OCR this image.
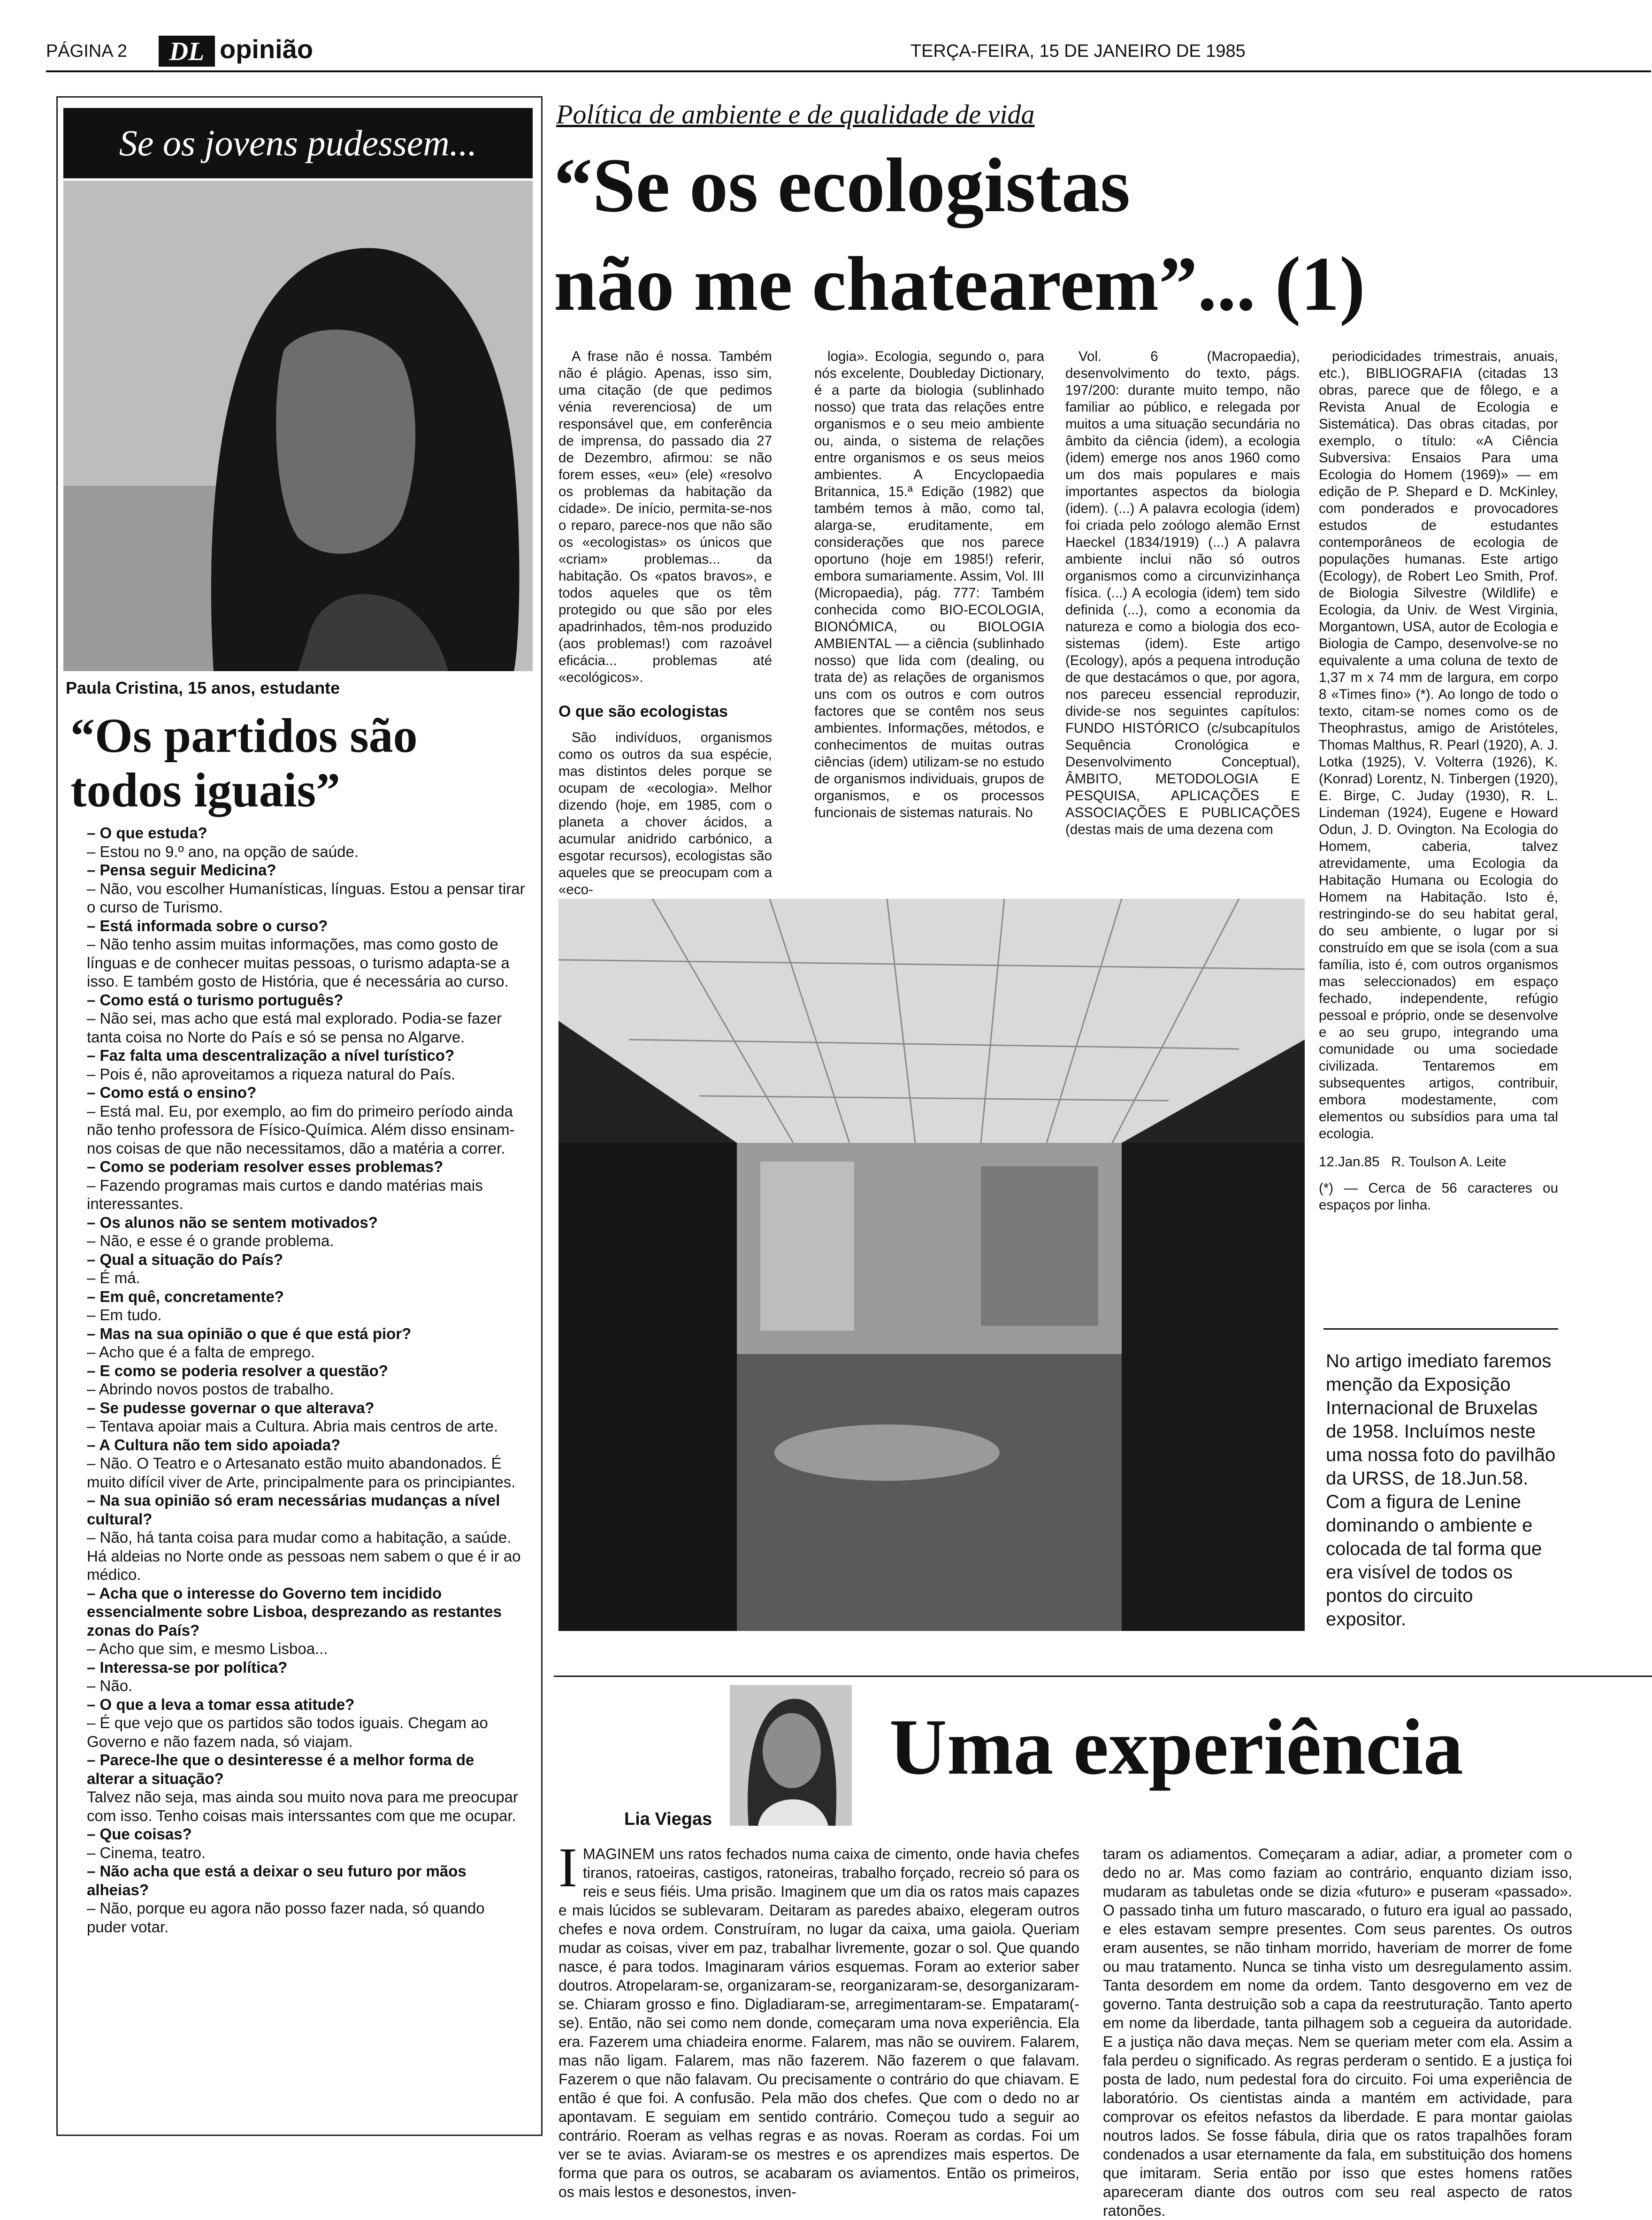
PÁGINA 2 DL opinião	TERÇA-FEIRA, 15 DE JANEIRO DE 1985
Se os jovens pudessem...
Paula Cristina, 15 anos, estudante
“Os partidos são todos iguais”

– O que estuda?

– Estou no 9.º ano, na opção de saúde.

– Pensa seguir Medicina?

– Não, vou escolher Humanísticas, línguas. Estou a pensar tirar o curso de Turismo.

– Está informada sobre o curso?

– Não tenho assim muitas informações, mas como gosto de línguas e de conhecer muitas pessoas, o turismo adapta-se a isso. E também gosto de História, que é necessária ao curso.

– Como está o turismo português?

– Não sei, mas acho que está mal explorado. Podia-se fazer tanta coisa no Norte do País e só se pensa no Algarve.

– Faz falta uma descentralização a nível turístico?

– Pois é, não aproveitamos a riqueza natural do País.

– Como está o ensino?

– Está mal. Eu, por exemplo, ao fim do primeiro período ainda não tenho professora de Físico-Química. Além disso ensinam-nos coisas de que não necessitamos, dão a matéria a correr.

– Como se poderiam resolver esses problemas?

– Fazendo programas mais curtos e dando matérias mais interessantes.

– Os alunos não se sentem motivados?

– Não, e esse é o grande problema.

– Qual a situação do País?

– É má.

– Em quê, concretamente?

– Em tudo.

– Mas na sua opinião o que é que está pior?

– Acho que é a falta de emprego.

– E como se poderia resolver a questão?

– Abrindo novos postos de trabalho.

– Se pudesse governar o que alterava?

– Tentava apoiar mais a Cultura. Abria mais centros de arte.

– A Cultura não tem sido apoiada?

– Não. O Teatro e o Artesanato estão muito abandonados. É muito difícil viver de Arte, principalmente para os principiantes.

– Na sua opinião só eram necessárias mudanças a nível cultural?

– Não, há tanta coisa para mudar como a habitação, a saúde. Há aldeias no Norte onde as pessoas nem sabem o que é ir ao médico.

– Acha que o interesse do Governo tem incidido essencialmente sobre Lisboa, desprezando as restantes zonas do País?

– Acho que sim, e mesmo Lisboa...

– Interessa-se por política?

– Não.

– O que a leva a tomar essa atitude?

– É que vejo que os partidos são todos iguais. Chegam ao Governo e não fazem nada, só viajam.

– Parece-lhe que o desinteresse é a melhor forma de alterar a situação?

Talvez não seja, mas ainda sou muito nova para me preocupar com isso. Tenho coisas mais interssantes com que me ocupar.

– Que coisas?

– Cinema, teatro.

– Não acha que está a deixar o seu futuro por mãos alheias?

– Não, porque eu agora não posso fazer nada, só quando puder votar.

Política de ambiente e de qualidade de vida
“Se os ecologistas
não me chatearem”... (1)

A frase não é nossa. Também não é plágio. Apenas, isso sim, uma citação (de que pedimos vénia reverenciosa) de um responsável que, em conferência de imprensa, do passado dia 27 de Dezembro, afirmou: se não forem esses, «eu» (ele) «resolvo os problemas da habitação da cidade». De início, permita-se-nos o reparo, parece-nos que não são os «ecologistas» os únicos que «criam» problemas... da habitação. Os «patos bravos», e todos aqueles que os têm protegido ou que são por eles apadrinhados, têm-nos produzido (aos problemas!) com razoável eficácia... problemas até «ecológicos».

O que são ecologistas

São indivíduos, organismos como os outros da sua espécie, mas distintos deles porque se ocupam de «ecologia». Melhor dizendo (hoje, em 1985, com o planeta a chover ácidos, a acumular anidrido carbónico, a esgotar recursos), ecologistas são aqueles que se preocupam com a «eco-

logia». Ecologia, segundo o, para nós excelente, Doubleday Dictionary, é a parte da biologia (sublinhado nosso) que trata das relações entre organismos e o seu meio ambiente ou, ainda, o sistema de relações entre organismos e os seus meios ambientes. A Encyclopaedia Britannica, 15.ª Edição (1982) que também temos à mão, como tal, alarga-se, eruditamente, em considerações que nos parece oportuno (hoje em 1985!) referir, embora sumariamente. Assim, Vol. III (Micropaedia), pág. 777: Também conhecida como BIO-ECOLOGIA, BIONÓMICA, ou BIOLOGIA AMBIENTAL — a ciência (sublinhado nosso) que lida com (dealing, ou trata de) as relações de organismos uns com os outros e com outros factores que se contêm nos seus ambientes. Informações, métodos, e conhecimentos de muitas outras ciências (idem) utilizam-se no estudo de organismos individuais, grupos de organismos, e os processos funcionais de sistemas naturais. No

Vol. 6 (Macropaedia), desenvolvimento do texto, págs. 197/200: durante muito tempo, não familiar ao público, e relegada por muitos a uma situação secundária no âmbito da ciência (idem), a ecologia (idem) emerge nos anos 1960 como um dos mais populares e mais importantes aspectos da biologia (idem). (...) A palavra ecologia (idem) foi criada pelo zoólogo alemão Ernst Haeckel (1834/1919) (...) A palavra ambiente inclui não só outros organismos como a circunvizinhança física. (...) A ecologia (idem) tem sido definida (...), como a economia da natureza e como a biologia dos eco-sistemas (idem). Este artigo (Ecology), após a pequena introdução de que destacámos o que, por agora, nos pareceu essencial reproduzir, divide-se nos seguintes capítulos: FUNDO HISTÓRICO (c/subcapítulos Sequência Cronológica e Desenvolvimento Conceptual), ÂMBITO, METODOLOGIA E PESQUISA, APLICAÇÕES E ASSOCIAÇÕES E PUBLICAÇÕES (destas mais de uma dezena com

periodicidades trimestrais, anuais, etc.), BIBLIOGRAFIA (citadas 13 obras, parece que de fôlego, e a Revista Anual de Ecologia e Sistemática). Das obras citadas, por exemplo, o título: «A Ciência Subversiva: Ensaios Para uma Ecologia do Homem (1969)» — em edição de P. Shepard e D. McKinley, com ponderados e provocadores estudos de estudantes contemporâneos de ecologia de populações humanas. Este artigo (Ecology), de Robert Leo Smith, Prof. de Biologia Silvestre (Wildlife) e Ecologia, da Univ. de West Virginia, Morgantown, USA, autor de Ecologia e Biologia de Campo, desenvolve-se no equivalente a uma coluna de texto de 1,37 m x 74 mm de largura, em corpo 8 «Times fino» (*). Ao longo de todo o texto, citam-se nomes como os de Theophrastus, amigo de Aristóteles, Thomas Malthus, R. Pearl (1920), A. J. Lotka (1925), V. Volterra (1926), K. (Konrad) Lorentz, N. Tinbergen (1920), E. Birge, C. Juday (1930), R. L. Lindeman (1924), Eugene e Howard Odun, J. D. Ovington. Na Ecologia do Homem, caberia, talvez atrevidamente, uma Ecologia da Habitação Humana ou Ecologia do Homem na Habitação. Isto é, restringindo-se do seu habitat geral, do seu ambiente, o lugar por si construído em que se isola (com a sua família, isto é, com outros organismos mas seleccionados) em espaço fechado, independente, refúgio pessoal e próprio, onde se desenvolve e ao seu grupo, integrando uma comunidade ou uma sociedade civilizada. Tentaremos em subsequentes artigos, contribuir, embora modestamente, com elementos ou subsídios para uma tal ecologia.

12.Jan.85 R. Toulson A. Leite
(*) — Cerca de 56 caracteres ou espaços por linha.
No artigo imediato faremos menção da Exposição Internacional de Bruxelas de 1958. Incluímos neste uma nossa foto do pavilhão da URSS, de 18.Jun.58. Com a figura de Lenine dominando o ambiente e colocada de tal forma que era visível de todos os pontos do circuito expositor.
Lia Viegas
Uma experiência

IMAGINEM uns ratos fechados numa caixa de cimento, onde havia chefes tiranos, ratoeiras, castigos, ratoneiras, trabalho forçado, recreio só para os reis e seus fiéis. Uma prisão. Imaginem que um dia os ratos mais capazes e mais lúcidos se sublevaram. Deitaram as paredes abaixo, elegeram outros chefes e nova ordem. Construíram, no lugar da caixa, uma gaiola. Queriam mudar as coisas, viver em paz, trabalhar livremente, gozar o sol. Que quando nasce, é para todos. Imaginaram vários esquemas. Foram ao exterior saber doutros. Atropelaram-se, organizaram-se, reorganizaram-se, desorganizaram-se. Chiaram grosso e fino. Digladiaram-se, arregimentaram-se. Empataram(-se). Então, não sei como nem donde, começaram uma nova experiência. Ela era. Fazerem uma chiadeira enorme. Falarem, mas não se ouvirem. Falarem, mas não ligam. Falarem, mas não fazerem. Não fazerem o que falavam. Fazerem o que não falavam. Ou precisamente o contrário do que chiavam. E então é que foi. A confusão. Pela mão dos chefes. Que com o dedo no ar apontavam. E seguiam em sentido contrário. Começou tudo a seguir ao contrário. Roeram as velhas regras e as novas. Roeram as cordas. Foi um ver se te avias. Aviaram-se os mestres e os aprendizes mais espertos. De forma que para os outros, se acabaram os aviamentos. Então os primeiros, os mais lestos e desonestos, inven-

taram os adiamentos. Começaram a adiar, adiar, a prometer com o dedo no ar. Mas como faziam ao contrário, enquanto diziam isso, mudaram as tabuletas onde se dizia «futuro» e puseram «passado». O passado tinha um futuro mascarado, o futuro era igual ao passado, e eles estavam sempre presentes. Com seus parentes. Os outros eram ausentes, se não tinham morrido, haveriam de morrer de fome ou mau tratamento. Nunca se tinha visto um desregulamento assim. Tanta desordem em nome da ordem. Tanto desgoverno em vez de governo. Tanta destruição sob a capa da reestruturação. Tanto aperto em nome da liberdade, tanta pilhagem sob a cegueira da autoridade. E a justiça não dava meças. Nem se queriam meter com ela. Assim a fala perdeu o significado. As regras perderam o sentido. E a justiça foi posta de lado, num pedestal fora do circuito. Foi uma experiência de laboratório. Os cientistas ainda a mantém em actividade, para comprovar os efeitos nefastos da liberdade. E para montar gaiolas noutros lados. Se fosse fábula, diria que os ratos trapalhões foram condenados a usar eternamente da fala, em substituição dos homens que imitaram. Seria então por isso que estes homens ratões apareceram diante dos outros com seu real aspecto de ratos ratonões.
